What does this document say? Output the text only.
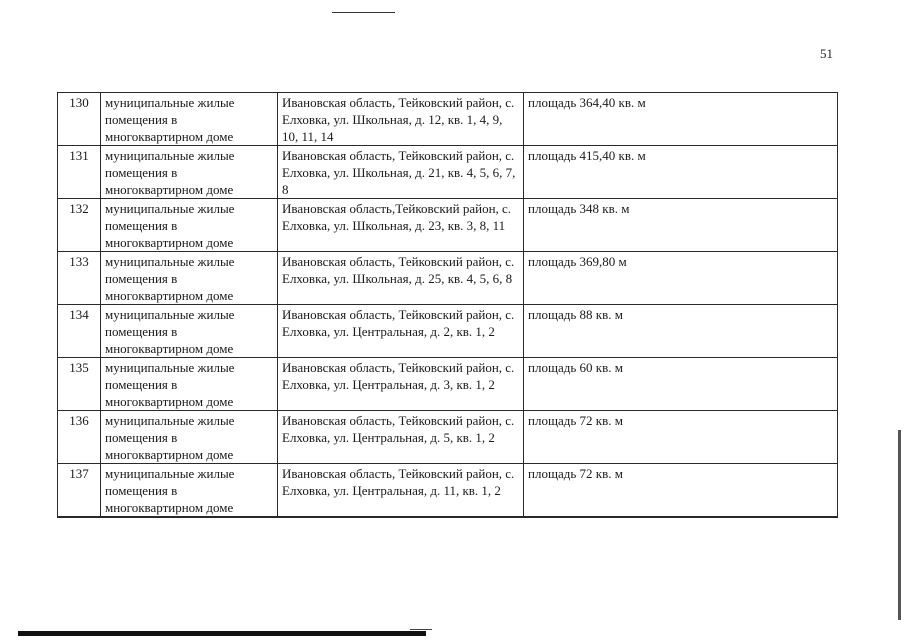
51
130	муниципальные жилые помещения в многоквартирном доме	Ивановская область, Тейковский район, с. Елховка, ул. Школьная, д. 12, кв. 1, 4, 9, 10, 11, 14	площадь 364,40 кв. м
131	муниципальные жилые помещения в многоквартирном доме	Ивановская область, Тейковский район, с. Елховка, ул. Школьная, д. 21, кв. 4, 5, 6, 7, 8	площадь 415,40 кв. м
132	муниципальные жилые помещения в многоквартирном доме	Ивановская область,Тейковский район, с. Елховка, ул. Школьная, д. 23, кв. 3, 8, 11	площадь 348 кв. м
133	муниципальные жилые помещения в многоквартирном доме	Ивановская область, Тейковский район, с. Елховка, ул. Школьная, д. 25, кв. 4, 5, 6, 8	площадь 369,80 м
134	муниципальные жилые помещения в многоквартирном доме	Ивановская область, Тейковский район, с. Елховка, ул. Центральная, д. 2, кв. 1, 2	площадь 88 кв. м
135	муниципальные жилые помещения в многоквартирном доме	Ивановская область, Тейковский район, с. Елховка, ул. Центральная, д. 3, кв. 1, 2	площадь 60 кв. м
136	муниципальные жилые помещения в многоквартирном доме	Ивановская область, Тейковский район, с. Елховка, ул. Центральная, д. 5, кв. 1, 2	площадь 72 кв. м
137	муниципальные жилые помещения в многоквартирном доме	Ивановская область, Тейковский район, с. Елховка, ул. Центральная, д. 11, кв. 1, 2	площадь 72 кв. м
